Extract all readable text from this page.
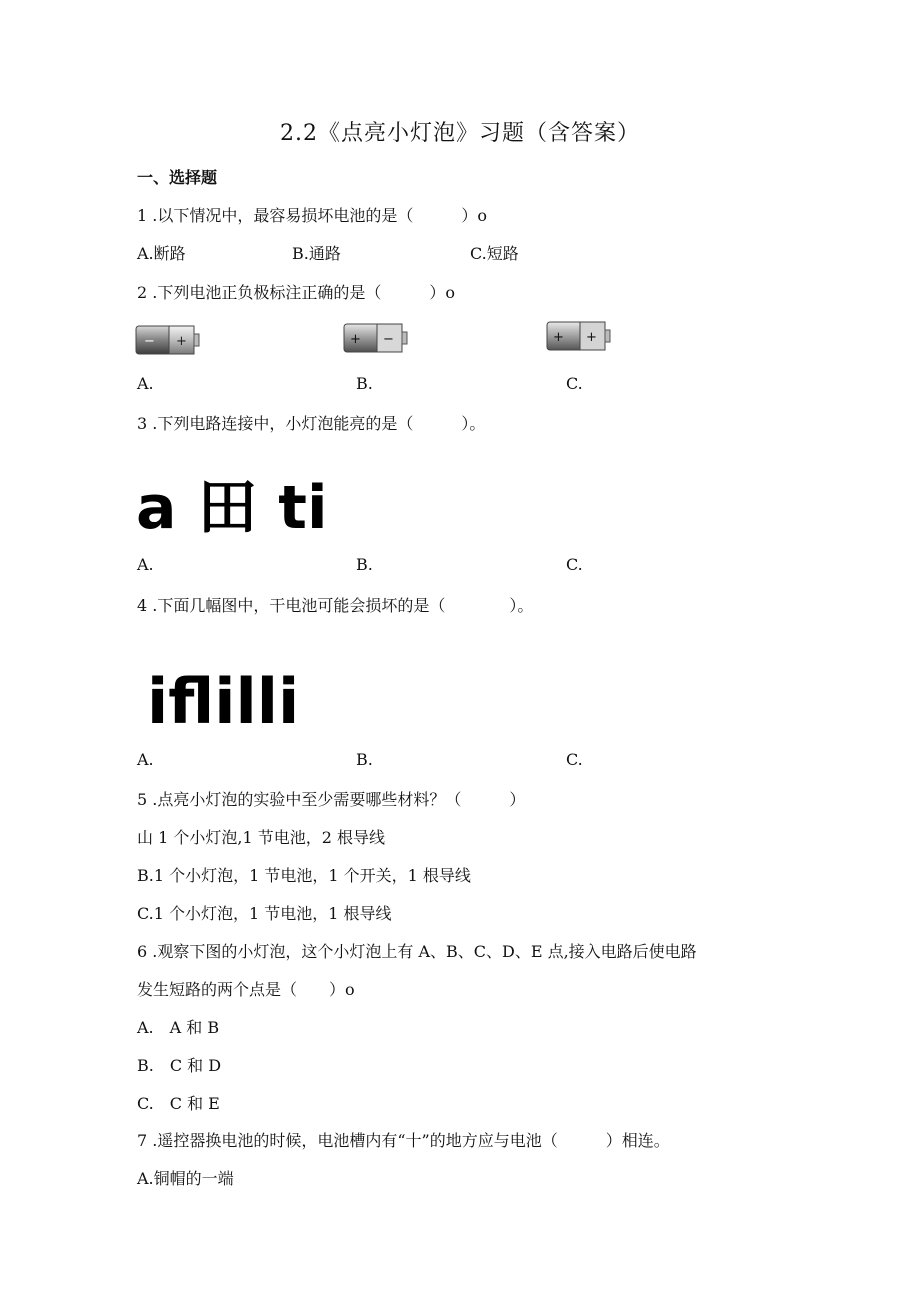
2.2《点亮小灯泡》习题（含答案）
一、选择题
1 .以下情况中，最容易损坏电池的是（　　　）o
A.断路	B.通路	C.短路
2 .下列电池正负极标注正确的是（　　　）o
− +	+ −	+ +
A.	B.	C.
3 .下列电路连接中，小灯泡能亮的是（　　　）。
a 田 ti
A.	B.	C.
4 .下面几幅图中，干电池可能会损坏的是（　　　　）。
iflilli
A.	B.	C.
5 .点亮小灯泡的实验中至少需要哪些材料？（　　　）
山 1 个小灯泡,1 节电池，2 根导线
B.1 个小灯泡，1 节电池，1 个开关，1 根导线
C.1 个小灯泡，1 节电池，1 根导线
6 .观察下图的小灯泡，这个小灯泡上有 A、B、C、D、E 点,接入电路后使电路
发生短路的两个点是（　　）o
A.　A 和 B
B.　C 和 D
C.　C 和 E
7 .遥控器换电池的时候，电池槽内有“十”的地方应与电池（　　　）相连。
A.铜帽的一端
